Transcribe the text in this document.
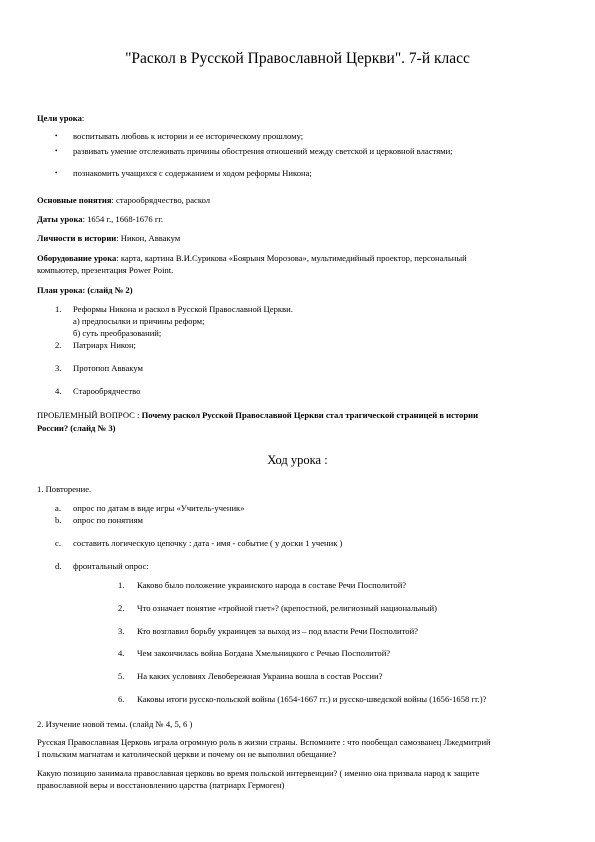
"Раскол в Русской Православной Церкви". 7-й класс
Цели урока:
• воспитывать любовь к истории и ее историческому прошлому;
• развивать умение отслеживать причины обострения отношений между светской и церковной властями;
• познакомить учащихся с содержанием и ходом реформы Никона;
Основные понятия: старообрядчество, раскол
Даты урока: 1654 г., 1668-1676 гг.
Личности в истории: Никон, Аввакум
Оборудование урока: карта, картина В.И.Сурикова «Боярыня Морозова», мультимедийный проектор, персональный
компьютер, презентация Power Point.
План урока: (слайд № 2)
1. Реформы Никона и раскол в Русской Православной Церкви.
а) предпосылки и причины реформ;
б) суть преобразований;
2. Патриарх Никон;
3. Протопоп Аввакум
4. Старообрядчество
ПРОБЛЕМНЫЙ ВОПРОС : Почему раскол Русской Православной Церкви стал трагической страницей в истории
России? (слайд № 3)
Ход урока :
1. Повторение.
a. опрос по датам в виде игры «Учитель-ученик»
b. опрос по понятиям
c. составить логическую цепочку : дата - имя - событие ( у доски 1 ученик )
d. фронтальный опрос:
1. Каково было положение украинского народа в составе Речи Посполитой?
2. Что означает понятие «тройной гнет»? (крепостной, религиозный национальный)
3. Кто возглавил борьбу украинцев за выход из – под власти Речи Посполитой?
4. Чем закончилась война Богдана Хмельницкого с Речью Посполитой?
5. На каких условиях Левобережная Украина вошла в состав России?
6. Каковы итоги русско-польской войны (1654-1667 гг.) и русско-шведской войны (1656-1658 гг.)?
2. Изучение новой темы. (слайд № 4, 5, 6 )
Русская Православная Церковь играла огромную роль в жизни страны. Вспомните : что пообещал самозванец Лжедмитрий
I польским магнатам и католической церкви и почему он не выполнил обещание?
Какую позицию занимала православная церковь во время польской интервенции? ( именно она призвала народ к защите
православной веры и восстановлению царства (патриарх Гермоген)
